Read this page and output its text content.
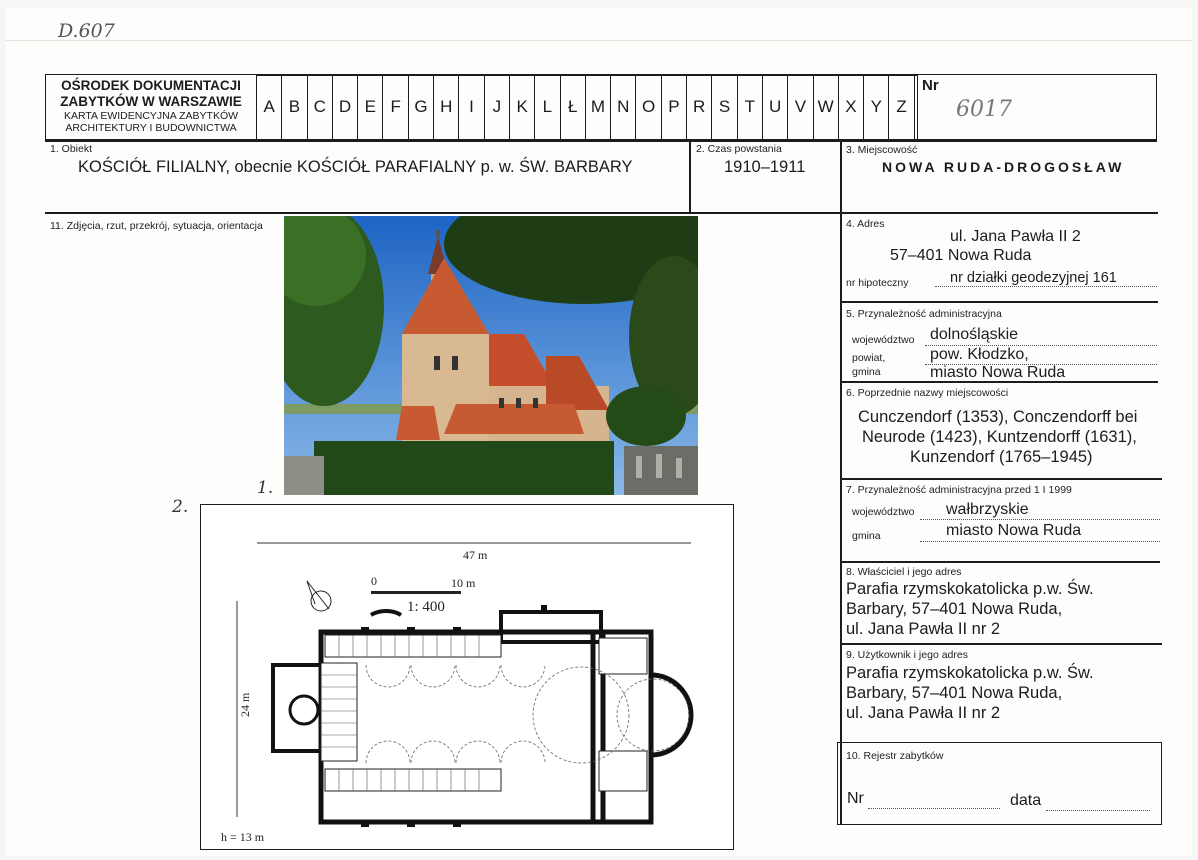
D.607
OŚRODEK DOKUMENTACJI
ZABYTKÓW W WARSZAWIE
KARTA EWIDENCYJNA ZABYTKÓW
ARCHITEKTURY I BUDOWNICTWA
A B C D E F G H I	J K L Ł M N O P R S T U V W X Y Z
Nr
6017
1. Obiekt
KOŚCIÓŁ FILIALNY, obecnie KOŚCIÓŁ PARAFIALNY p. w. ŚW. BARBARY
2. Czas powstania
1910–1911
3. Miejscowość
NOWA RUDA-DROGOSŁAW
11. Zdjęcia, rzut, przekrój, sytuacja, orientacja
1.
2.
47 m
24 m
h = 13 m
0	10 m
1: 400
4. Adres
ul. Jana Pawła II 2
57–401 Nowa Ruda
nr hipoteczny	nr działki geodezyjnej 161
5. Przynależność administracyjna
województwo dolnośląskie
powiat,	pow. Kłodzko,
gmina	miasto Nowa Ruda
6. Poprzednie nazwy miejscowości
Cunczendorf (1353), Conczendorff bei
Neurode (1423), Kuntzendorff (1631),
Kunzendorf (1765–1945)
7. Przynależność administracyjna przed 1 I 1999
województwo wałbrzyskie
gmina	miasto Nowa Ruda
8. Właściciel i jego adres
Parafia rzymskokatolicka p.w. Św.
Barbary, 57–401 Nowa Ruda,
ul. Jana Pawła II nr 2
9. Użytkownik i jego adres
Parafia rzymskokatolicka p.w. Św.
Barbary, 57–401 Nowa Ruda,
ul. Jana Pawła II nr 2
10. Rejestr zabytków
Nr	data
